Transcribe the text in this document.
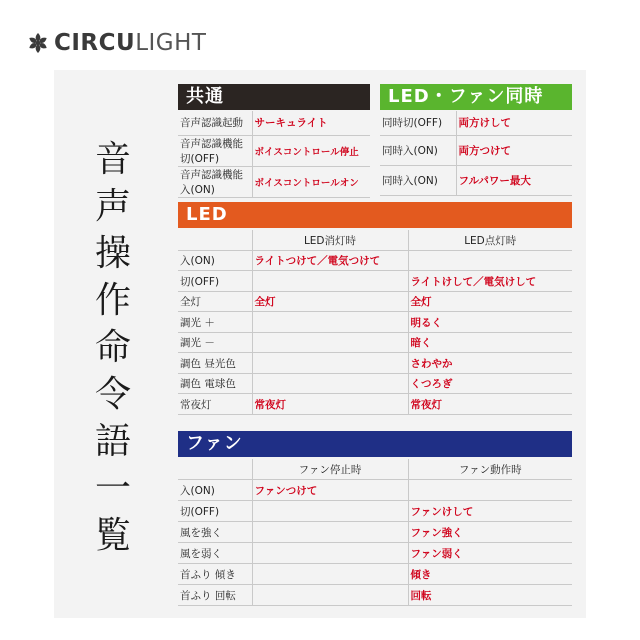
CIRCULIGHT
音声操作命令語一覧
共通
音声認識起動	サーキュライト
音声認識機能切(OFF)	ボイスコントロール停止
音声認識機能入(ON)	ボイスコントロールオン
LED・ファン同時
同時切(OFF)	両方けして
同時入(ON)	両方つけて
同時入(ON)	フルパワー最大
LED
	LED消灯時	LED点灯時
入(ON)	ライトつけて／電気つけて	
切(OFF)		ライトけして／電気けして
全灯	全灯	全灯
調光 ＋		明るく
調光 －		暗く
調色 昼光色		さわやか
調色 電球色		くつろぎ
常夜灯	常夜灯	常夜灯
ファン
	ファン停止時	ファン動作時
入(ON)	ファンつけて	
切(OFF)		ファンけして
風を強く		ファン強く
風を弱く		ファン弱く
首ふり 傾き		傾き
首ふり 回転		回転
